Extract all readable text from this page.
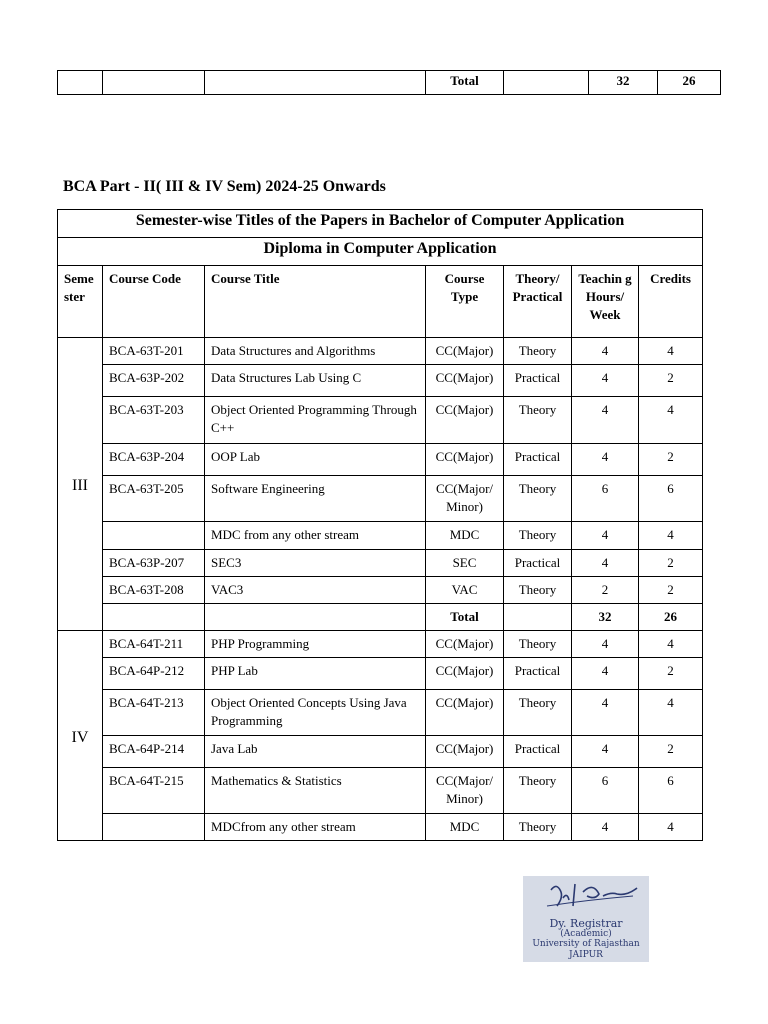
			Total		32	26
BCA Part - II( III & IV Sem) 2024-25 Onwards
Semester-wise Titles of the Papers in Bachelor of Computer Application						
Diploma in Computer Application						
Seme ster	Course Code	Course Title	Course Type	Theory/ Practical	Teachin g Hours/ Week	Credits
III	BCA-63T-201	Data Structures and Algorithms	CC(Major)	Theory	4	4
	BCA-63P-202	Data Structures Lab Using C	CC(Major)	Practical	4	2
	BCA-63T-203	Object Oriented Programming Through C++	CC(Major)	Theory	4	4
	BCA-63P-204	OOP Lab	CC(Major)	Practical	4	2
	BCA-63T-205	Software Engineering	CC(Major/ Minor)	Theory	6	6
		MDC from any other stream	MDC	Theory	4	4
	BCA-63P-207	SEC3	SEC	Practical	4	2
	BCA-63T-208	VAC3	VAC	Theory	2	2
			Total		32	26
IV	BCA-64T-211	PHP Programming	CC(Major)	Theory	4	4
	BCA-64P-212	PHP Lab	CC(Major)	Practical	4	2
	BCA-64T-213	Object Oriented Concepts Using Java Programming	CC(Major)	Theory	4	4
	BCA-64P-214	Java Lab	CC(Major)	Practical	4	2
	BCA-64T-215	Mathematics & Statistics	CC(Major/ Minor)	Theory	6	6
		MDCfrom any other stream	MDC	Theory	4	4
Dy. Registrar
(Academic)
University of Rajasthan
JAIPUR
